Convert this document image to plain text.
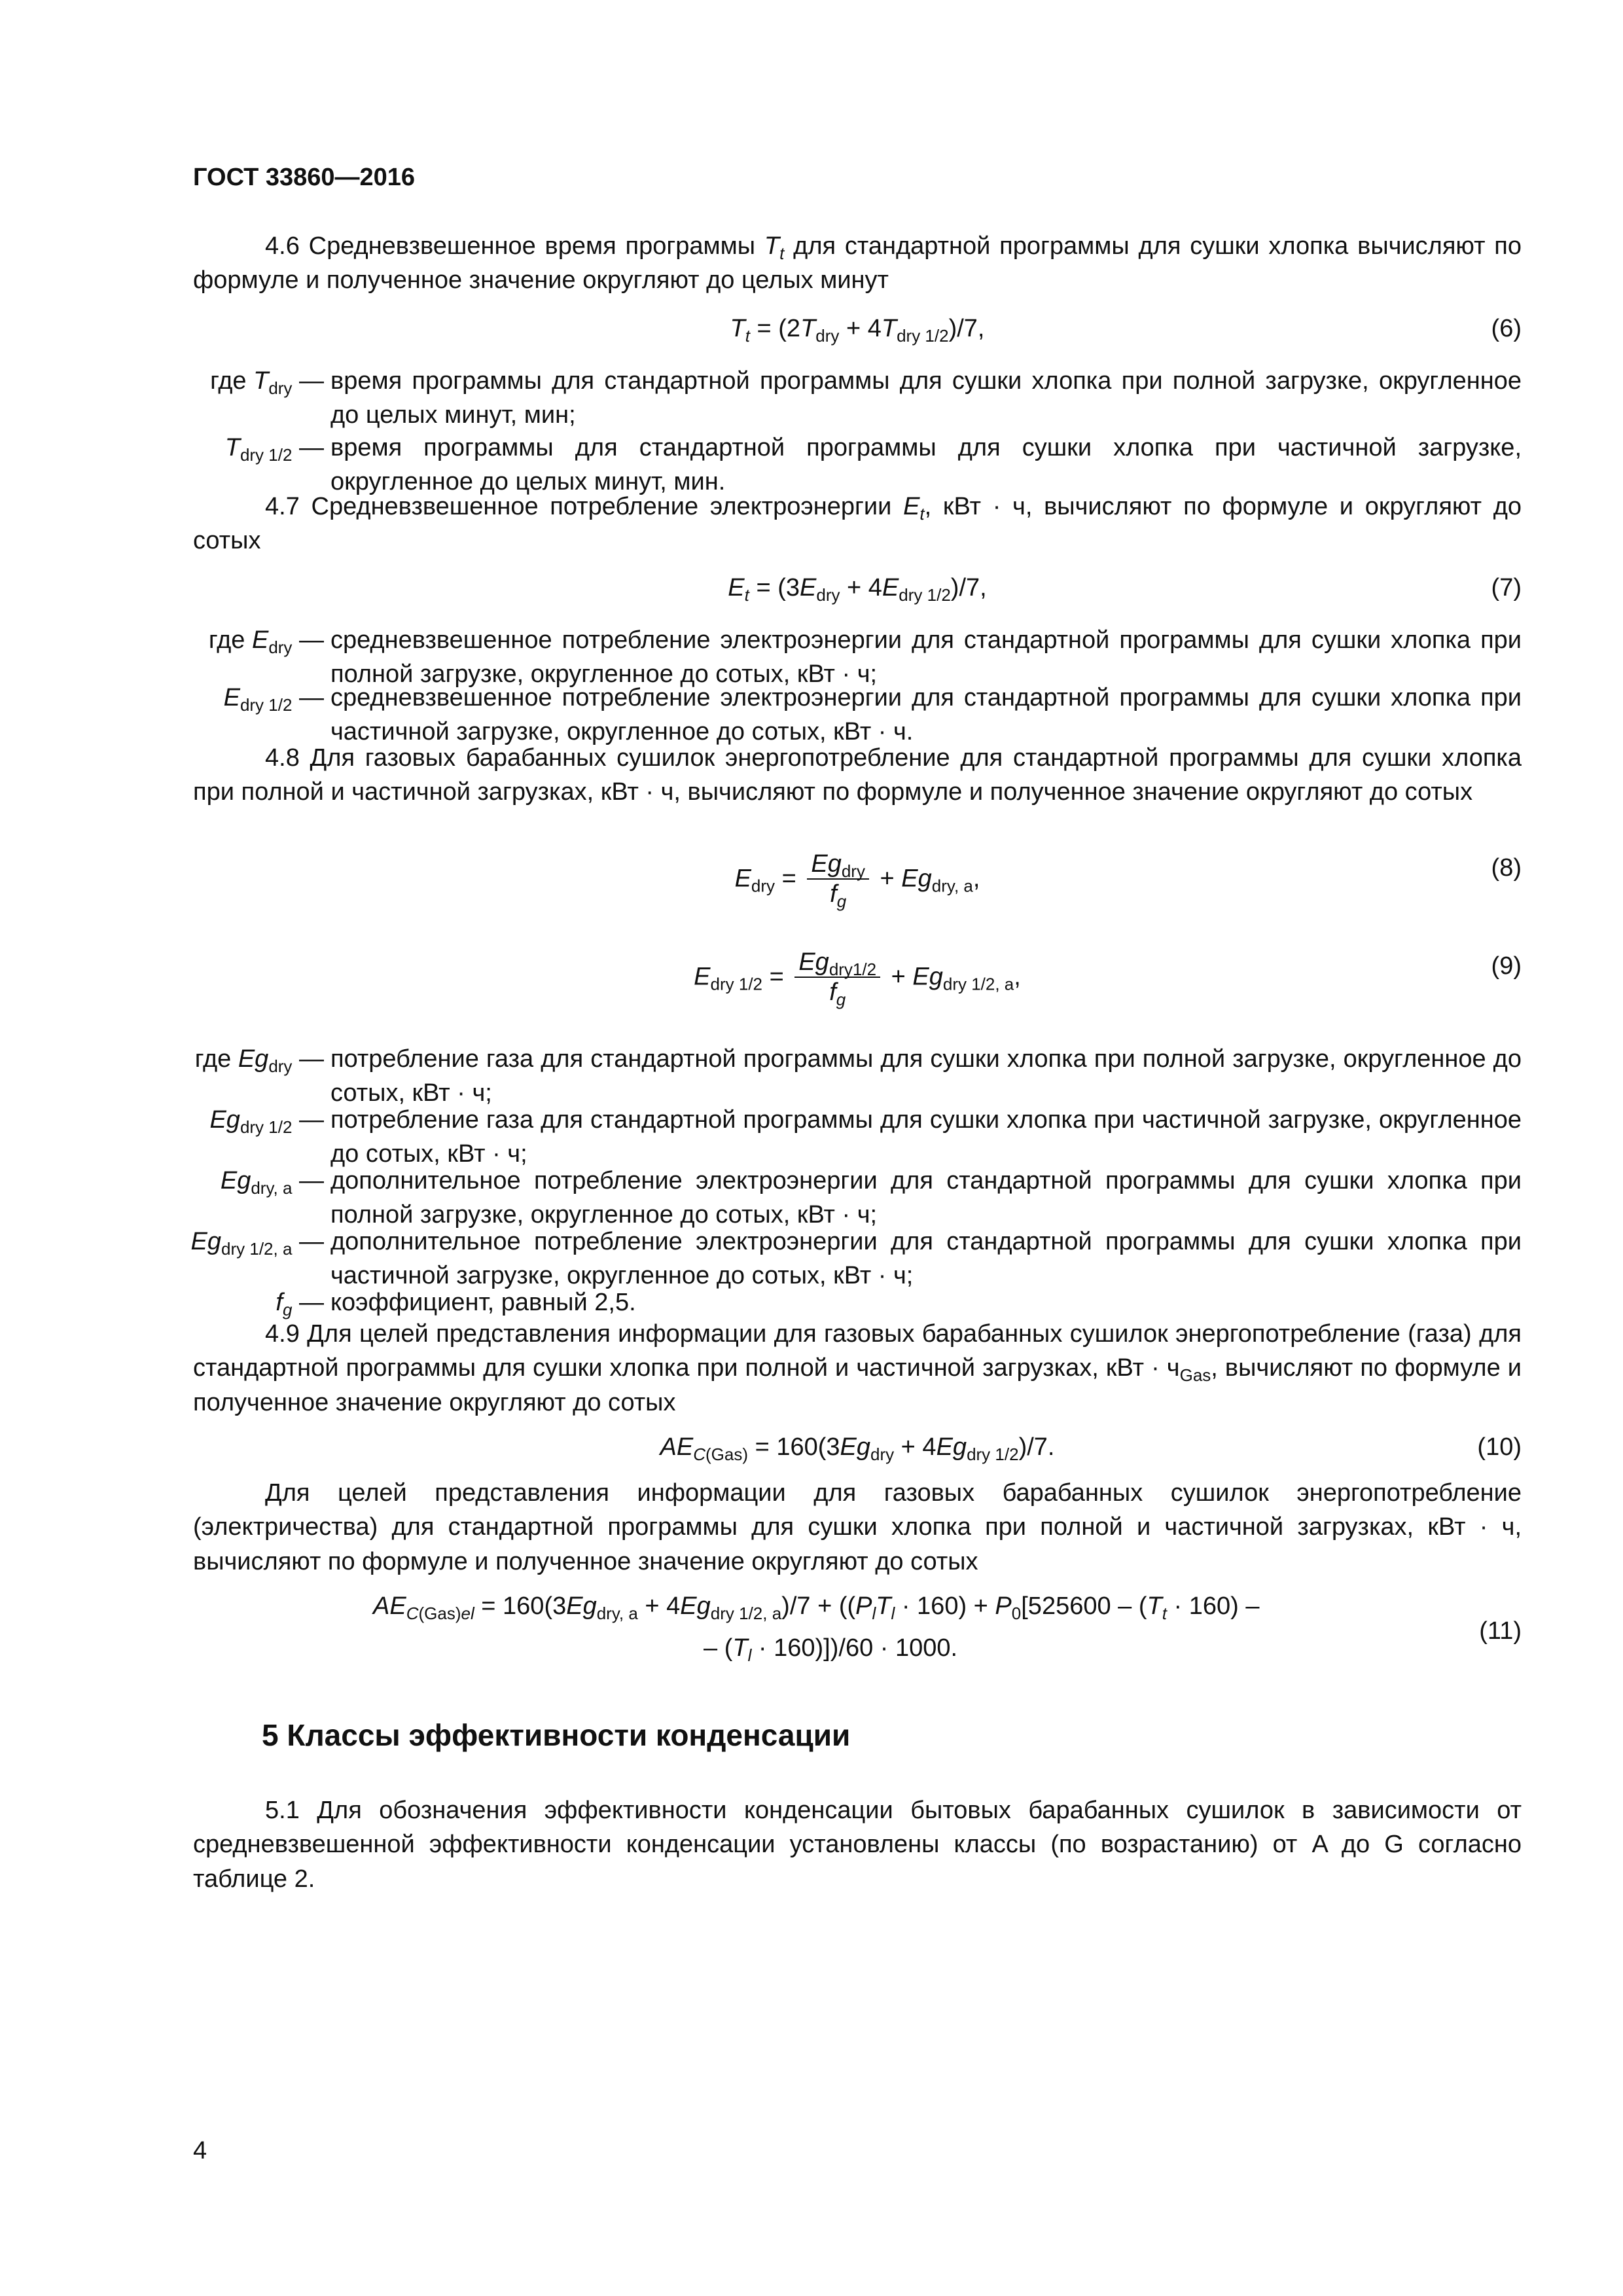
ГОСТ 33860—2016

4.6 Средневзвешенное время программы $T_t$ для стандартной программы для сушки хлопка вычисляют по формуле и полученное значение округляют до целых минут

$T_t = (2T_{dry} + 4T_{dry 1/2})/7$,	(6)
где $T_{dry}$ — время программы для стандартной программы для сушки хлопка при полной загрузке, округленное до целых минут, мин;

$T_{dry 1/2}$ — время программы для стандартной программы для сушки хлопка при частичной загрузке, округленное до целых минут, мин.

4.7 Средневзвешенное потребление электроэнергии $E_t$, кВт · ч, вычисляют по формуле и округляют до сотых

$E_t = (3E_{dry} + 4E_{dry 1/2})/7$,	(7)
где $E_{dry}$ — средневзвешенное потребление электроэнергии для стандартной программы для сушки хлопка при полной загрузке, округленное до сотых, кВт · ч;

$E_{dry 1/2}$ — средневзвешенное потребление электроэнергии для стандартной программы для сушки хлопка при частичной загрузке, округленное до сотых, кВт · ч.

4.8 Для газовых барабанных сушилок энергопотребление для стандартной программы для сушки хлопка при полной и частичной загрузках, кВт · ч, вычисляют по формуле и полученное значение округляют до сотых

$E_{dry} = \frac{Eg_{dry}}{f_g} + Eg_{dry, a}$,	(8)
$E_{dry 1/2} = \frac{Eg_{dry1/2}}{f_g} + Eg_{dry 1/2, a}$,	(9)
где $Eg_{dry}$ — потребление газа для стандартной программы для сушки хлопка при полной загрузке, округленное до сотых, кВт · ч;

$Eg_{dry 1/2}$ — потребление газа для стандартной программы для сушки хлопка при частичной загрузке, округленное до сотых, кВт · ч;

$Eg_{dry, a}$ — дополнительное потребление электроэнергии для стандартной программы для сушки хлопка при полной загрузке, округленное до сотых, кВт · ч;

$Eg_{dry 1/2, a}$ — дополнительное потребление электроэнергии для стандартной программы для сушки хлопка при частичной загрузке, округленное до сотых, кВт · ч;

$f_g$ — коэффициент, равный 2,5.

4.9 Для целей представления информации для газовых барабанных сушилок энергопотребление (газа) для стандартной программы для сушки хлопка при полной и частичной загрузках, кВт · $ч_{Gas}$, вычисляют по формуле и полученное значение округляют до сотых

$AE_{C(Gas)} = 160(3Eg_{dry} + 4Eg_{dry 1/2})/7$.	(10)

Для целей представления информации для газовых барабанных сушилок энергопотребление (электричества) для стандартной программы для сушки хлопка при полной и частичной загрузках, кВт · ч, вычисляют по формуле и полученное значение округляют до сотых

$AE_{C(Gas)el} = 160(3Eg_{dry, a} + 4Eg_{dry 1/2, a})/7 + ((P_lT_l \cdot 160) + P_0[525600 - (T_t \cdot 160)$ –
– $(T_l \cdot 160)])/60 \cdot 1000$.
(11)
5 Классы эффективности конденсации

5.1 Для обозначения эффективности конденсации бытовых барабанных сушилок в зависимости от средневзвешенной эффективности конденсации установлены классы (по возрастанию) от A до G согласно таблице 2.

4
